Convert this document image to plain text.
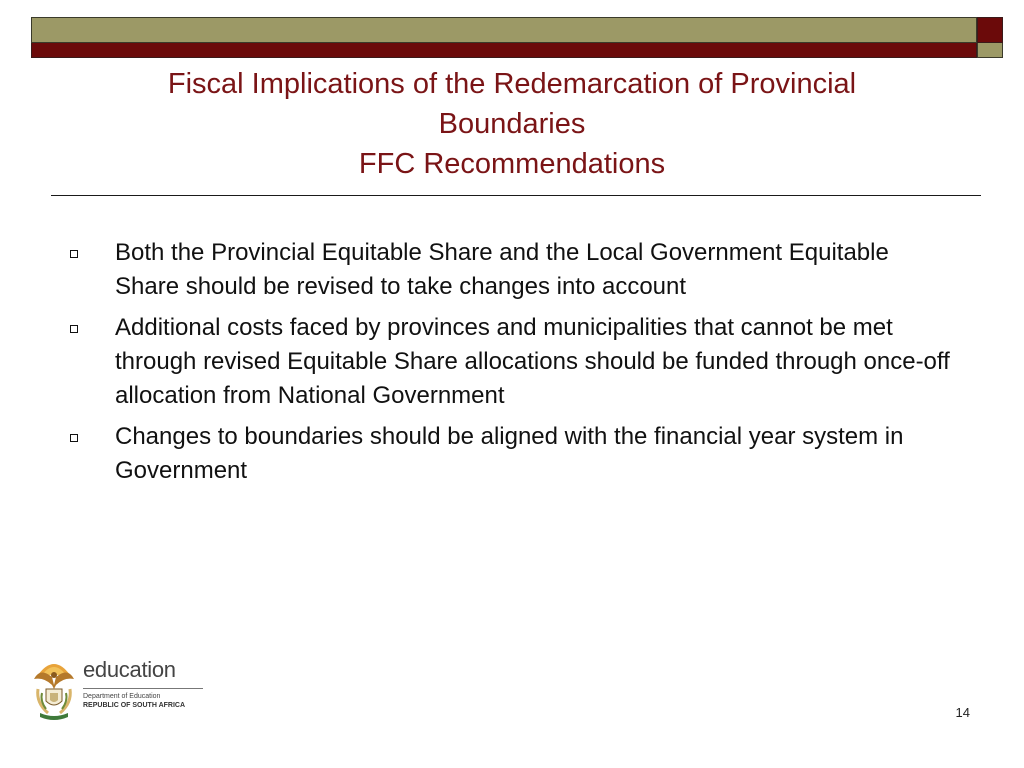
Fiscal Implications of the Redemarcation of Provincial
Boundaries
FFC Recommendations
Both the Provincial Equitable Share and the Local Government Equitable Share should be revised to take changes into account
Additional costs faced by provinces and municipalities that cannot be met through revised Equitable Share allocations should be funded through once-off allocation from National Government
Changes to boundaries should be aligned with the financial year system in Government
education
Department of Education
REPUBLIC OF SOUTH AFRICA	14
